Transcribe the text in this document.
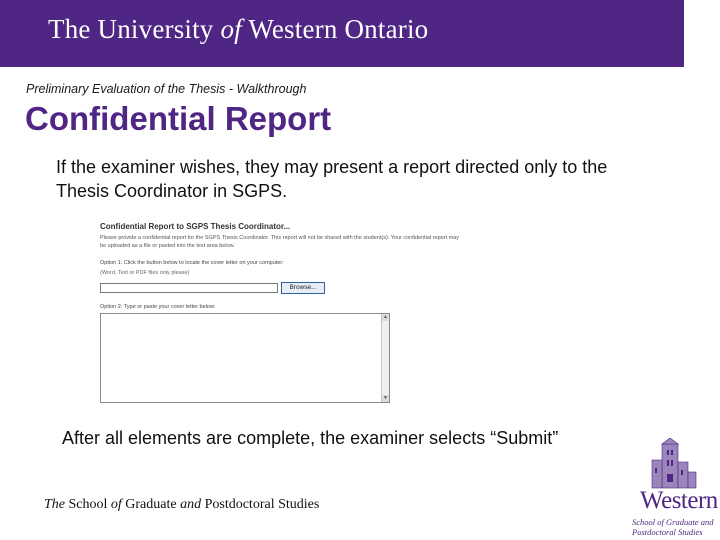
The University of Western Ontario
Preliminary Evaluation of the Thesis - Walkthrough
Confidential Report
If the examiner wishes, they may present a report directed only to the Thesis Coordinator in SGPS.
Confidential Report to SGPS Thesis Coordinator...
Please provide a confidential report for the SGPS Thesis Coordinator. This report will not be shared with the student(s). Your confidential report may be uploaded as a file or pasted into the text area below.
Option 1: Click the button below to locate the cover letter on your computer:
(Word, Text or PDF files only please)
Browse...
Option 2: Type or paste your cover letter below:
▲
▼
After all elements are complete, the examiner selects “Submit”
The School of Graduate and Postdoctoral Studies	Western
School of Graduate and
Postdoctoral Studies
